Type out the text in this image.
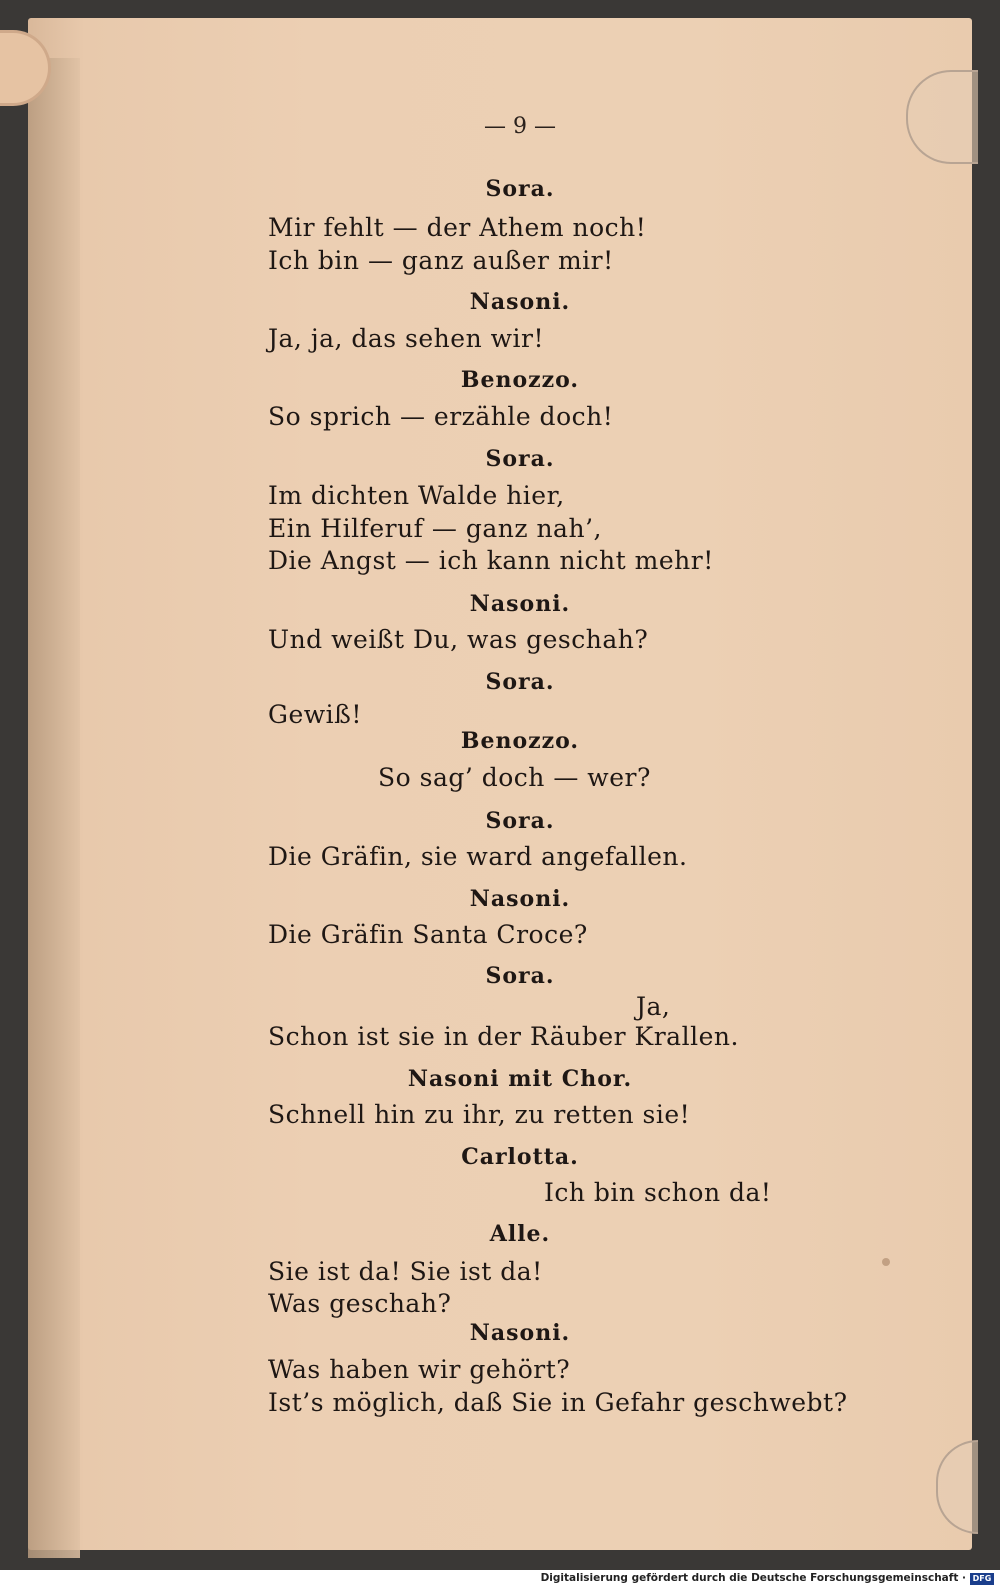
— 9 —
Sora.
Mir fehlt — der Athem noch!
Ich bin — ganz außer mir!
Nasoni.
Ja, ja, das sehen wir!
Benozzo.
So sprich — erzähle doch!
Sora.
Im dichten Walde hier,
Ein Hilferuf — ganz nah’,
Die Angst — ich kann nicht mehr!
Nasoni.
Und weißt Du, was geschah?
Sora.
Gewiß!
Benozzo.
So sag’ doch — wer?
Sora.
Die Gräfin, sie ward angefallen.
Nasoni.
Die Gräfin Santa Croce?
Sora.
Ja,
Schon ist sie in der Räuber Krallen.
Nasoni mit Chor.
Schnell hin zu ihr, zu retten sie!
Carlotta.
Ich bin schon da!
Alle.
Sie ist da! Sie ist da!
Was geschah?
Nasoni.
Was haben wir gehört?
Ist’s möglich, daß Sie in Gefahr geschwebt?
Digitalisierung gefördert durch die Deutsche Forschungsgemeinschaft · DFG
